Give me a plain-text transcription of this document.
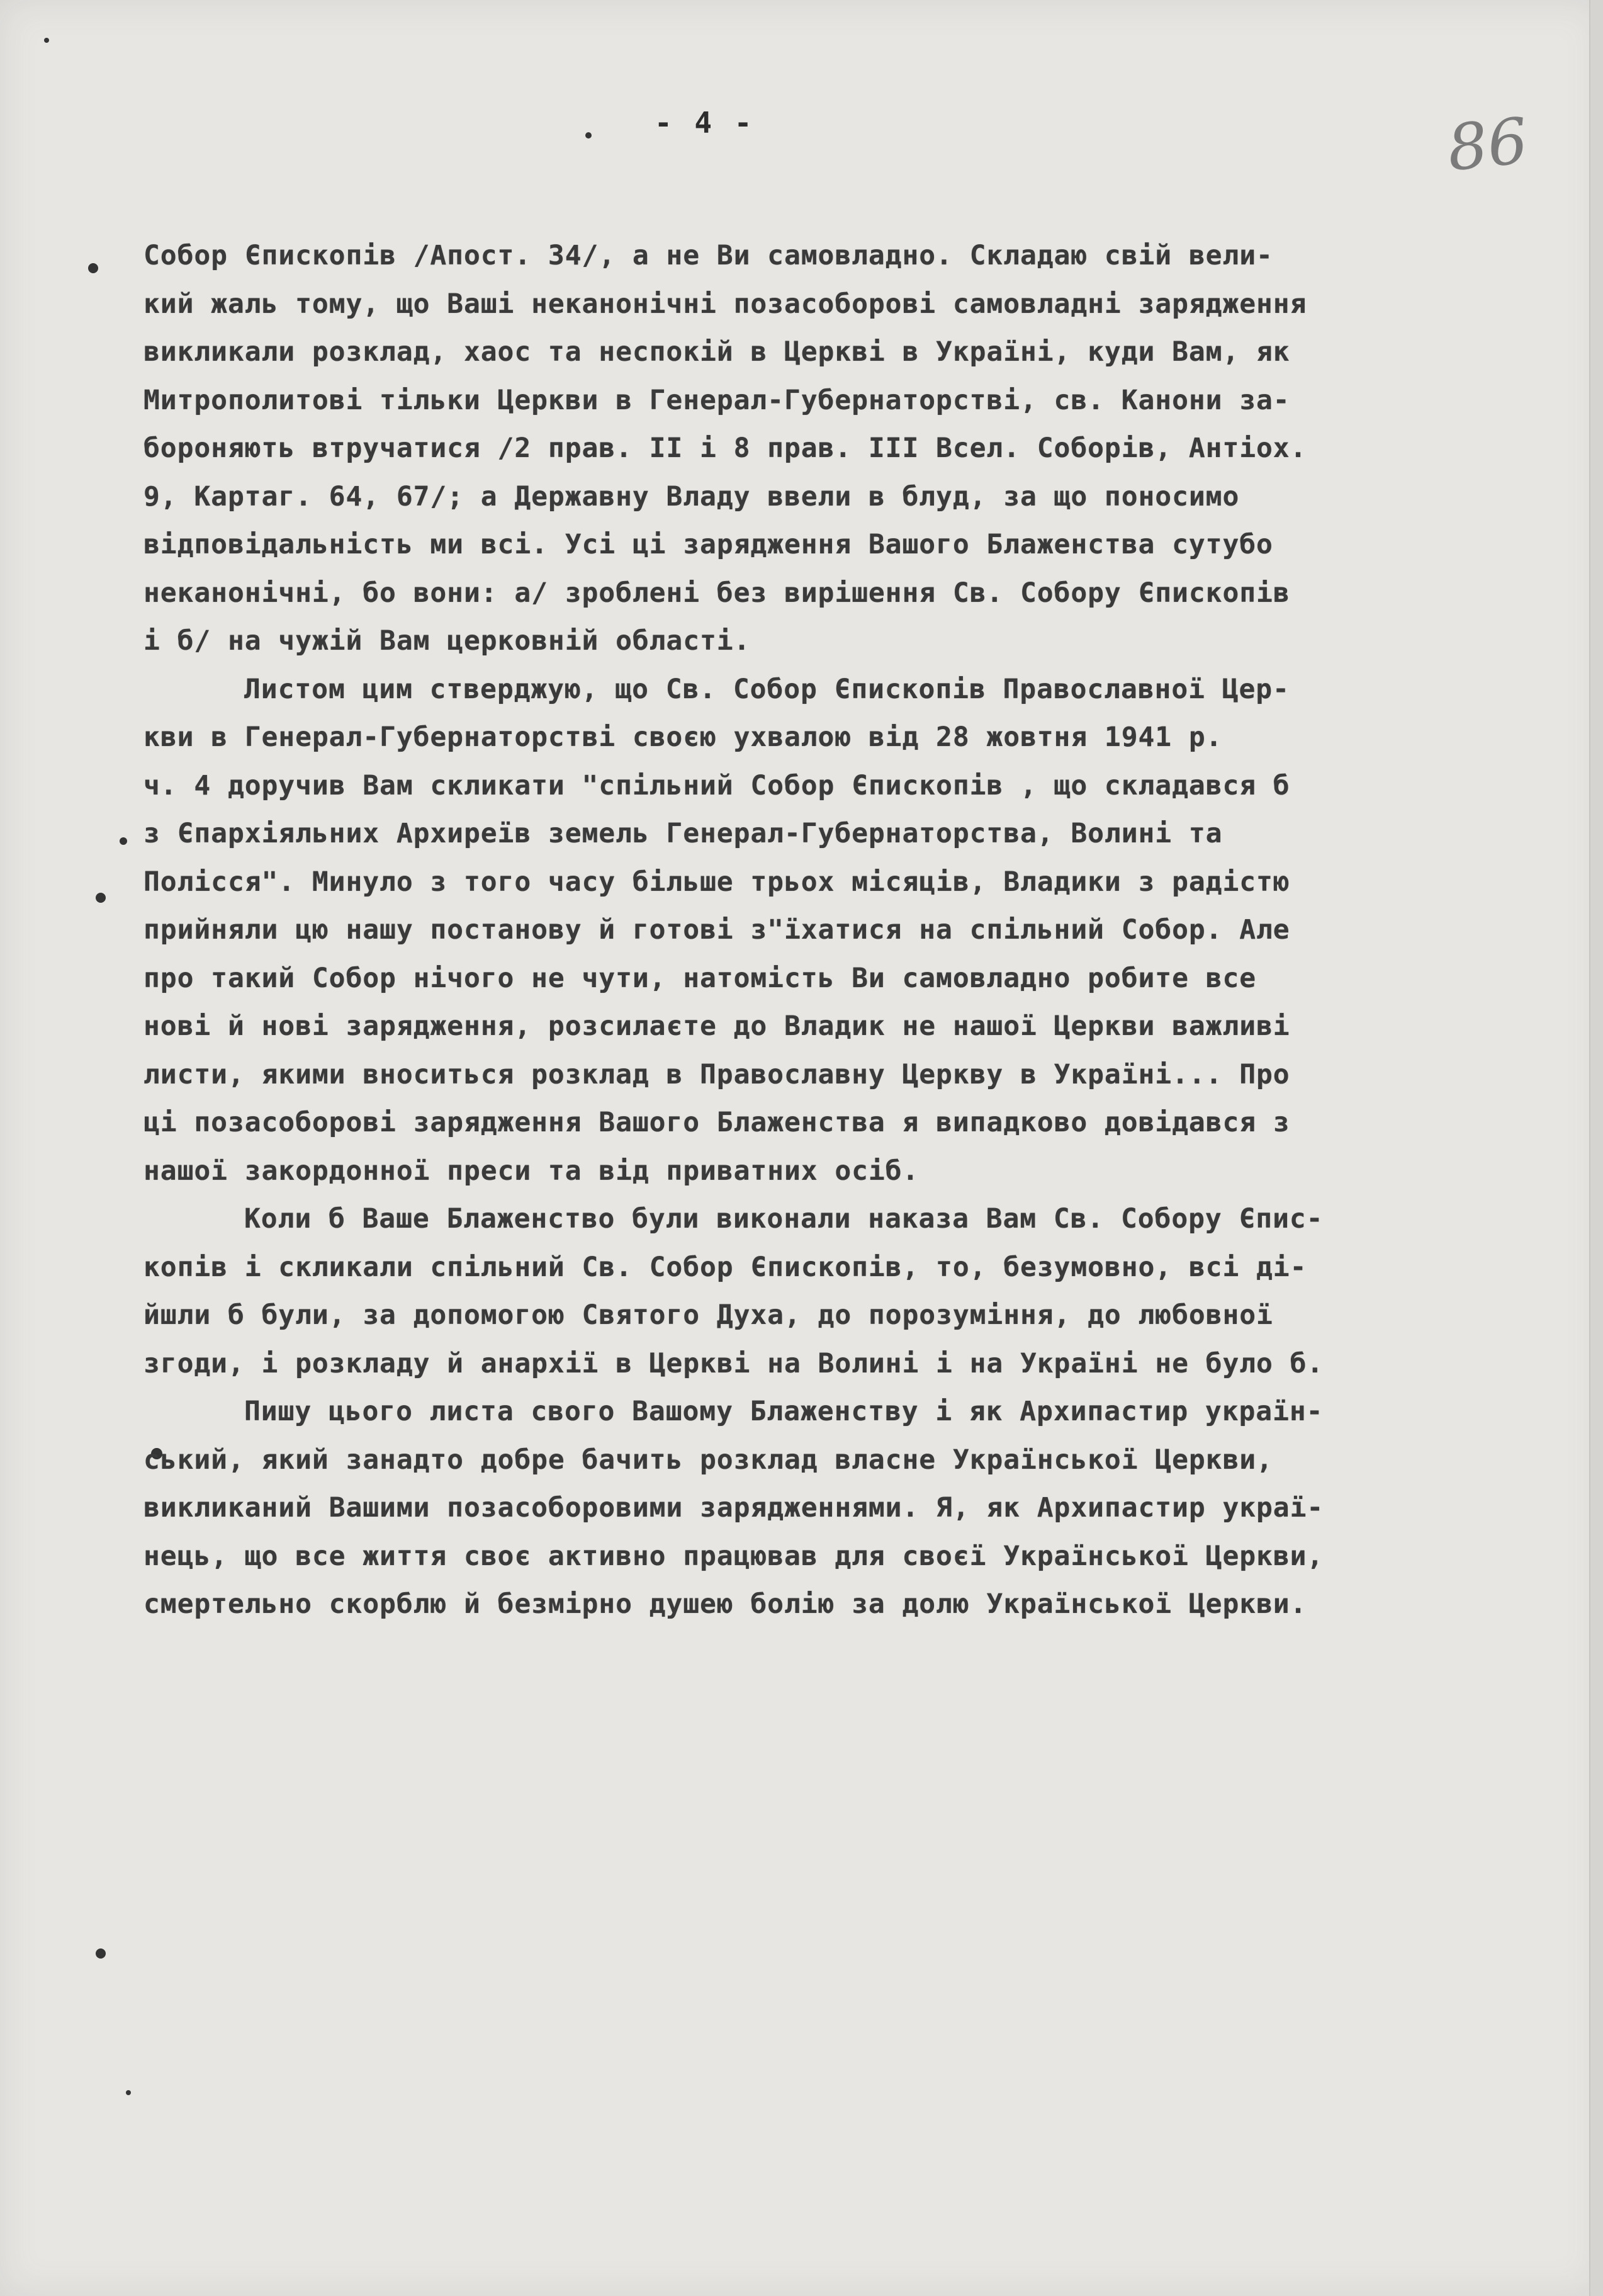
- 4 -	86
Собор Єпископів /Апост. 34/, а не Ви самовладно. Складаю свій вели-
кий жаль тому, що Ваші неканонічні позасоборові самовладні зарядження
викликали розклад, хаос та неспокій в Церкві в Україні, куди Вам, як
Митрополитові тільки Церкви в Генерал-Губернаторстві, св. Канони за-
бороняють втручатися /2 прав. II і 8 прав. III Всел. Соборів, Антіох.
9, Картаг. 64, 67/; а Державну Владу ввели в блуд, за що поносимо
відповідальність ми всі. Усі ці зарядження Вашого Блаженства сутубо
неканонічні, бо вони: а/ зроблені без вирішення Св. Собору Єпископів
і б/ на чужій Вам церковній області.
Листом цим стверджую, що Св. Собор Єпископів Православної Цер-
кви в Генерал-Губернаторстві своєю ухвалою від 28 жовтня 1941 р.
ч. 4 доручив Вам скликати "спільний Собор Єпископів , що складався б
з Єпархіяльних Архиреїв земель Генерал-Губернаторства, Волині та
Полісся". Минуло з того часу більше трьох місяців, Владики з радістю
прийняли цю нашу постанову й готові з"їхатися на спільний Собор. Але
про такий Собор нічого не чути, натомість Ви самовладно робите все
нові й нові зарядження, розсилаєте до Владик не нашої Церкви важливі
листи, якими вноситься розклад в Православну Церкву в Україні... Про
ці позасоборові зарядження Вашого Блаженства я випадково довідався з
нашої закордонної преси та від приватних осіб.
Коли б Ваше Блаженство були виконали наказа Вам Св. Собору Єпис-
копів і скликали спільний Св. Собор Єпископів, то, безумовно, всі ді-
йшли б були, за допомогою Святого Духа, до порозуміння, до любовної
згоди, і розкладу й анархії в Церкві на Волині і на Україні не було б.
Пишу цього листа свого Вашому Блаженству і як Архипастир україн-
ський, який занадто добре бачить розклад власне Української Церкви,
викликаний Вашими позасоборовими зарядженнями. Я, як Архипастир украї-
нець, що все життя своє активно працював для своєї Української Церкви,
смертельно скорблю й безмірно душею болію за долю Української Церкви.
